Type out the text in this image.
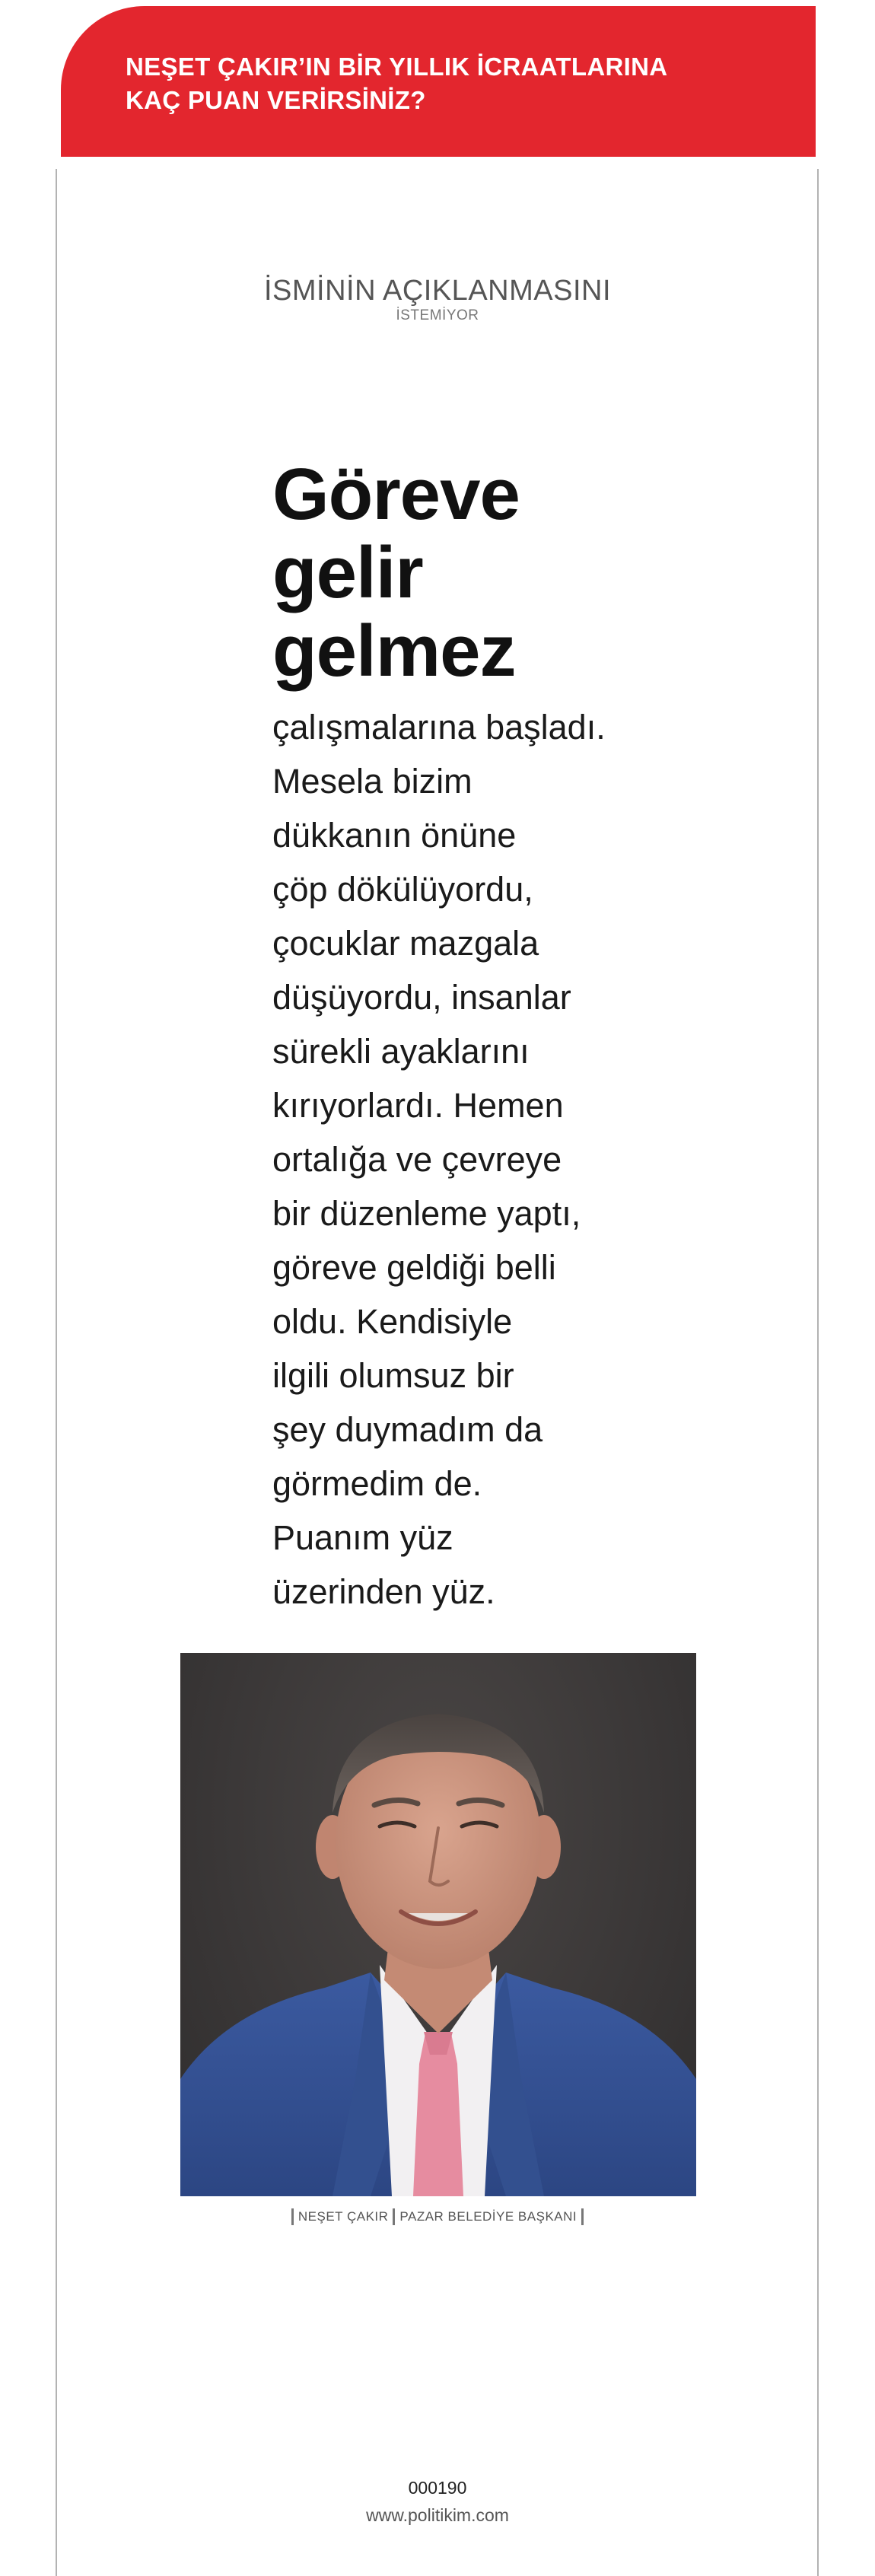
NEŞET ÇAKIR’IN BİR YILLIK İCRAATLARINA
KAÇ PUAN VERİRSİNİZ?
İSMİNİN AÇIKLANMASINI
İSTEMİYOR
Göreve
gelir
gelmez

çalışmalarına başladı.
Mesela bizim
dükkanın önüne
çöp dökülüyordu,
çocuklar mazgala
düşüyordu, insanlar
sürekli ayaklarını
kırıyorlardı. Hemen
ortalığa ve çevreye
bir düzenleme yaptı,
göreve geldiği belli
oldu. Kendisiyle
ilgili olumsuz bir
şey duymadım da
görmedim de.
Puanım yüz
üzerinden yüz.

NEŞET ÇAKIR PAZAR BELEDİYE BAŞKANI
000190
www.politikim.com
